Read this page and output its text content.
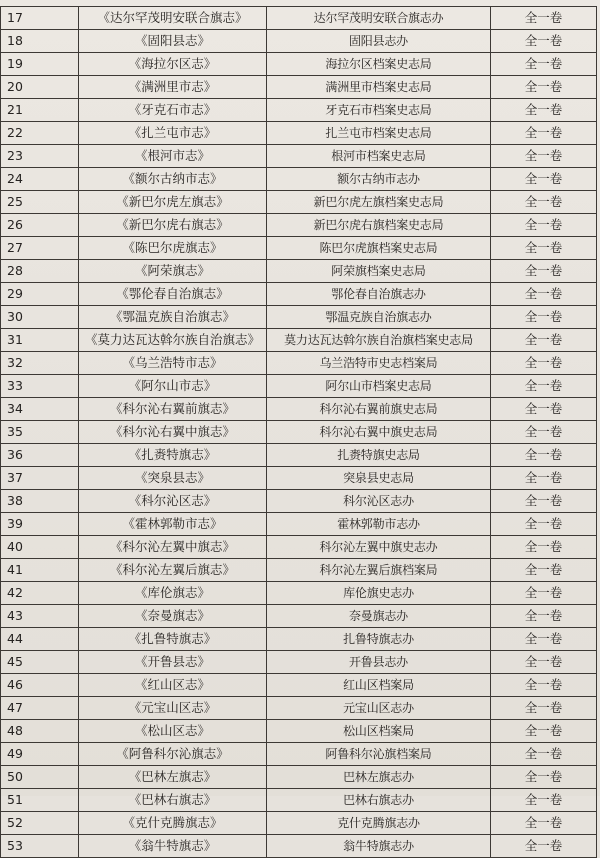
17	《达尔罕茂明安联合旗志》	达尔罕茂明安联合旗志办	全一卷
18	《固阳县志》	固阳县志办	全一卷
19	《海拉尔区志》	海拉尔区档案史志局	全一卷
20	《满洲里市志》	满洲里市档案史志局	全一卷
21	《牙克石市志》	牙克石市档案史志局	全一卷
22	《扎兰屯市志》	扎兰屯市档案史志局	全一卷
23	《根河市志》	根河市档案史志局	全一卷
24	《额尔古纳市志》	额尔古纳市志办	全一卷
25	《新巴尔虎左旗志》	新巴尔虎左旗档案史志局	全一卷
26	《新巴尔虎右旗志》	新巴尔虎右旗档案史志局	全一卷
27	《陈巴尔虎旗志》	陈巴尔虎旗档案史志局	全一卷
28	《阿荣旗志》	阿荣旗档案史志局	全一卷
29	《鄂伦春自治旗志》	鄂伦春自治旗志办	全一卷
30	《鄂温克族自治旗志》	鄂温克族自治旗志办	全一卷
31	《莫力达瓦达斡尔族自治旗志》	莫力达瓦达斡尔族自治旗档案史志局	全一卷
32	《乌兰浩特市志》	乌兰浩特市史志档案局	全一卷
33	《阿尔山市志》	阿尔山市档案史志局	全一卷
34	《科尔沁右翼前旗志》	科尔沁右翼前旗史志局	全一卷
35	《科尔沁右翼中旗志》	科尔沁右翼中旗史志局	全一卷
36	《扎赉特旗志》	扎赉特旗史志局	全一卷
37	《突泉县志》	突泉县史志局	全一卷
38	《科尔沁区志》	科尔沁区志办	全一卷
39	《霍林郭勒市志》	霍林郭勒市志办	全一卷
40	《科尔沁左翼中旗志》	科尔沁左翼中旗史志办	全一卷
41	《科尔沁左翼后旗志》	科尔沁左翼后旗档案局	全一卷
42	《库伦旗志》	库伦旗史志办	全一卷
43	《奈曼旗志》	奈曼旗志办	全一卷
44	《扎鲁特旗志》	扎鲁特旗志办	全一卷
45	《开鲁县志》	开鲁县志办	全一卷
46	《红山区志》	红山区档案局	全一卷
47	《元宝山区志》	元宝山区志办	全一卷
48	《松山区志》	松山区档案局	全一卷
49	《阿鲁科尔沁旗志》	阿鲁科尔沁旗档案局	全一卷
50	《巴林左旗志》	巴林左旗志办	全一卷
51	《巴林右旗志》	巴林右旗志办	全一卷
52	《克什克腾旗志》	克什克腾旗志办	全一卷
53	《翁牛特旗志》	翁牛特旗志办	全一卷
